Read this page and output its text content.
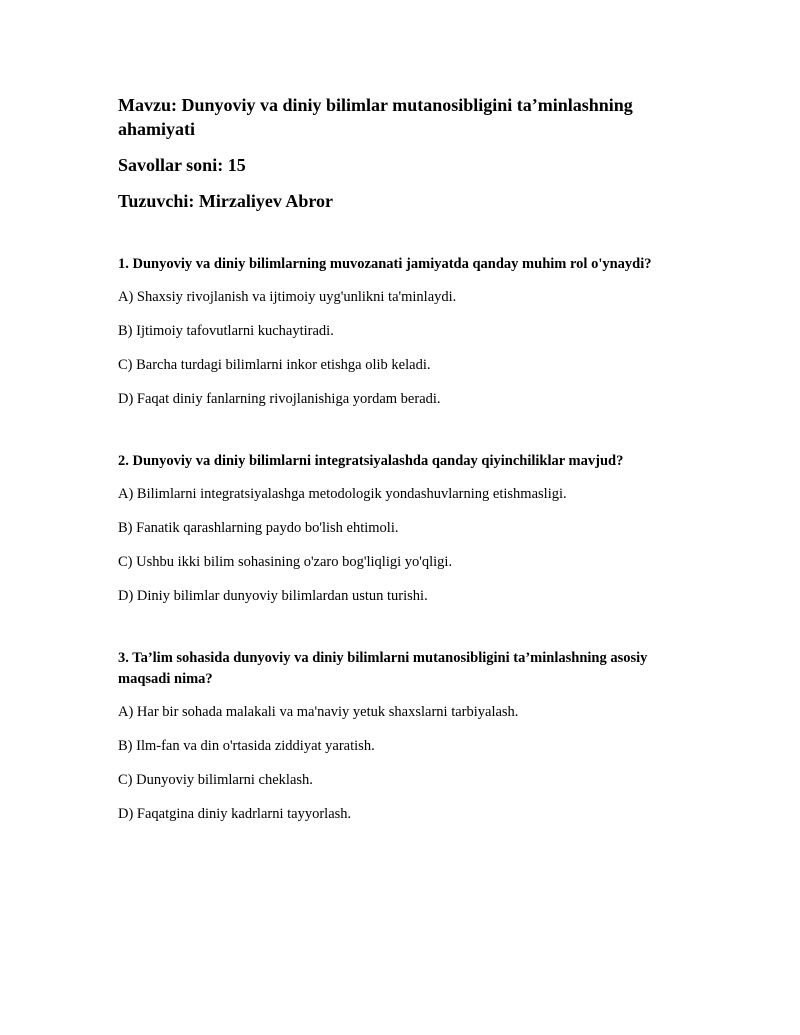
Mavzu: Dunyoviy va diniy bilimlar mutanosibligini ta’minlashning ahamiyati

Savollar soni: 15

Tuzuvchi: Mirzaliyev Abror

1. Dunyoviy va diniy bilimlarning muvozanati jamiyatda qanday muhim rol o'ynaydi?

A) Shaxsiy rivojlanish va ijtimoiy uyg'unlikni ta'minlaydi.

B) Ijtimoiy tafovutlarni kuchaytiradi.

C) Barcha turdagi bilimlarni inkor etishga olib keladi.

D) Faqat diniy fanlarning rivojlanishiga yordam beradi.

2. Dunyoviy va diniy bilimlarni integratsiyalashda qanday qiyinchiliklar mavjud?

A) Bilimlarni integratsiyalashga metodologik yondashuvlarning etishmasligi.

B) Fanatik qarashlarning paydo bo'lish ehtimoli.

C) Ushbu ikki bilim sohasining o'zaro bog'liqligi yo'qligi.

D) Diniy bilimlar dunyoviy bilimlardan ustun turishi.

3. Ta’lim sohasida dunyoviy va diniy bilimlarni mutanosibligini ta’minlashning asosiy maqsadi nima?

A) Har bir sohada malakali va ma'naviy yetuk shaxslarni tarbiyalash.

B) Ilm-fan va din o'rtasida ziddiyat yaratish.

C) Dunyoviy bilimlarni cheklash.

D) Faqatgina diniy kadrlarni tayyorlash.
